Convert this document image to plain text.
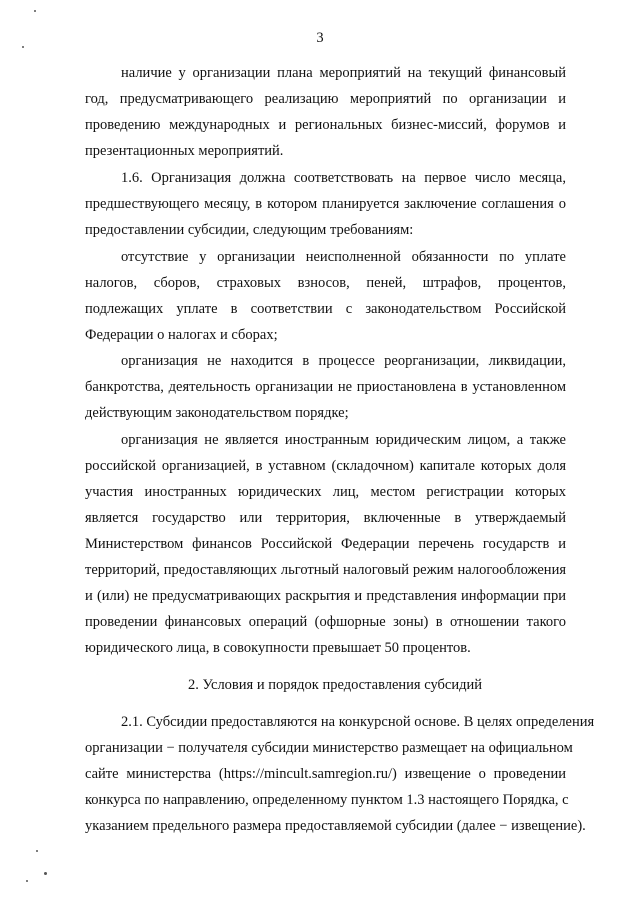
3
наличие у организации плана мероприятий на текущий финансовый
год, предусматривающего реализацию мероприятий по организации и
проведению международных и региональных бизнес-миссий, форумов и
презентационных мероприятий.
1.6. Организация должна соответствовать на первое число месяца,
предшествующего месяцу, в котором планируется заключение соглашения о
предоставлении субсидии, следующим требованиям:
отсутствие у организации неисполненной обязанности по уплате
налогов, сборов, страховых взносов, пеней, штрафов, процентов,
подлежащих уплате в соответствии с законодательством Российской
Федерации о налогах и сборах;
организация не находится в процессе реорганизации, ликвидации,
банкротства, деятельность организации не приостановлена в установленном
действующим законодательством порядке;
организация не является иностранным юридическим лицом, а также
российской организацией, в уставном (складочном) капитале которых доля
участия иностранных юридических лиц, местом регистрации которых
является государство или территория, включенные в утверждаемый
Министерством финансов Российской Федерации перечень государств и
территорий, предоставляющих льготный налоговый режим налогообложения
и (или) не предусматривающих раскрытия и представления информации при
проведении финансовых операций (офшорные зоны) в отношении такого
юридического лица, в совокупности превышает 50 процентов.
2. Условия и порядок предоставления субсидий
2.1. Субсидии предоставляются на конкурсной основе. В целях определения
организации − получателя субсидии министерство размещает на официальном
сайте министерства (https://mincult.samregion.ru/) извещение о проведении
конкурса по направлению, определенному пунктом 1.3 настоящего Порядка, с
указанием предельного размера предоставляемой субсидии (далее − извещение).
